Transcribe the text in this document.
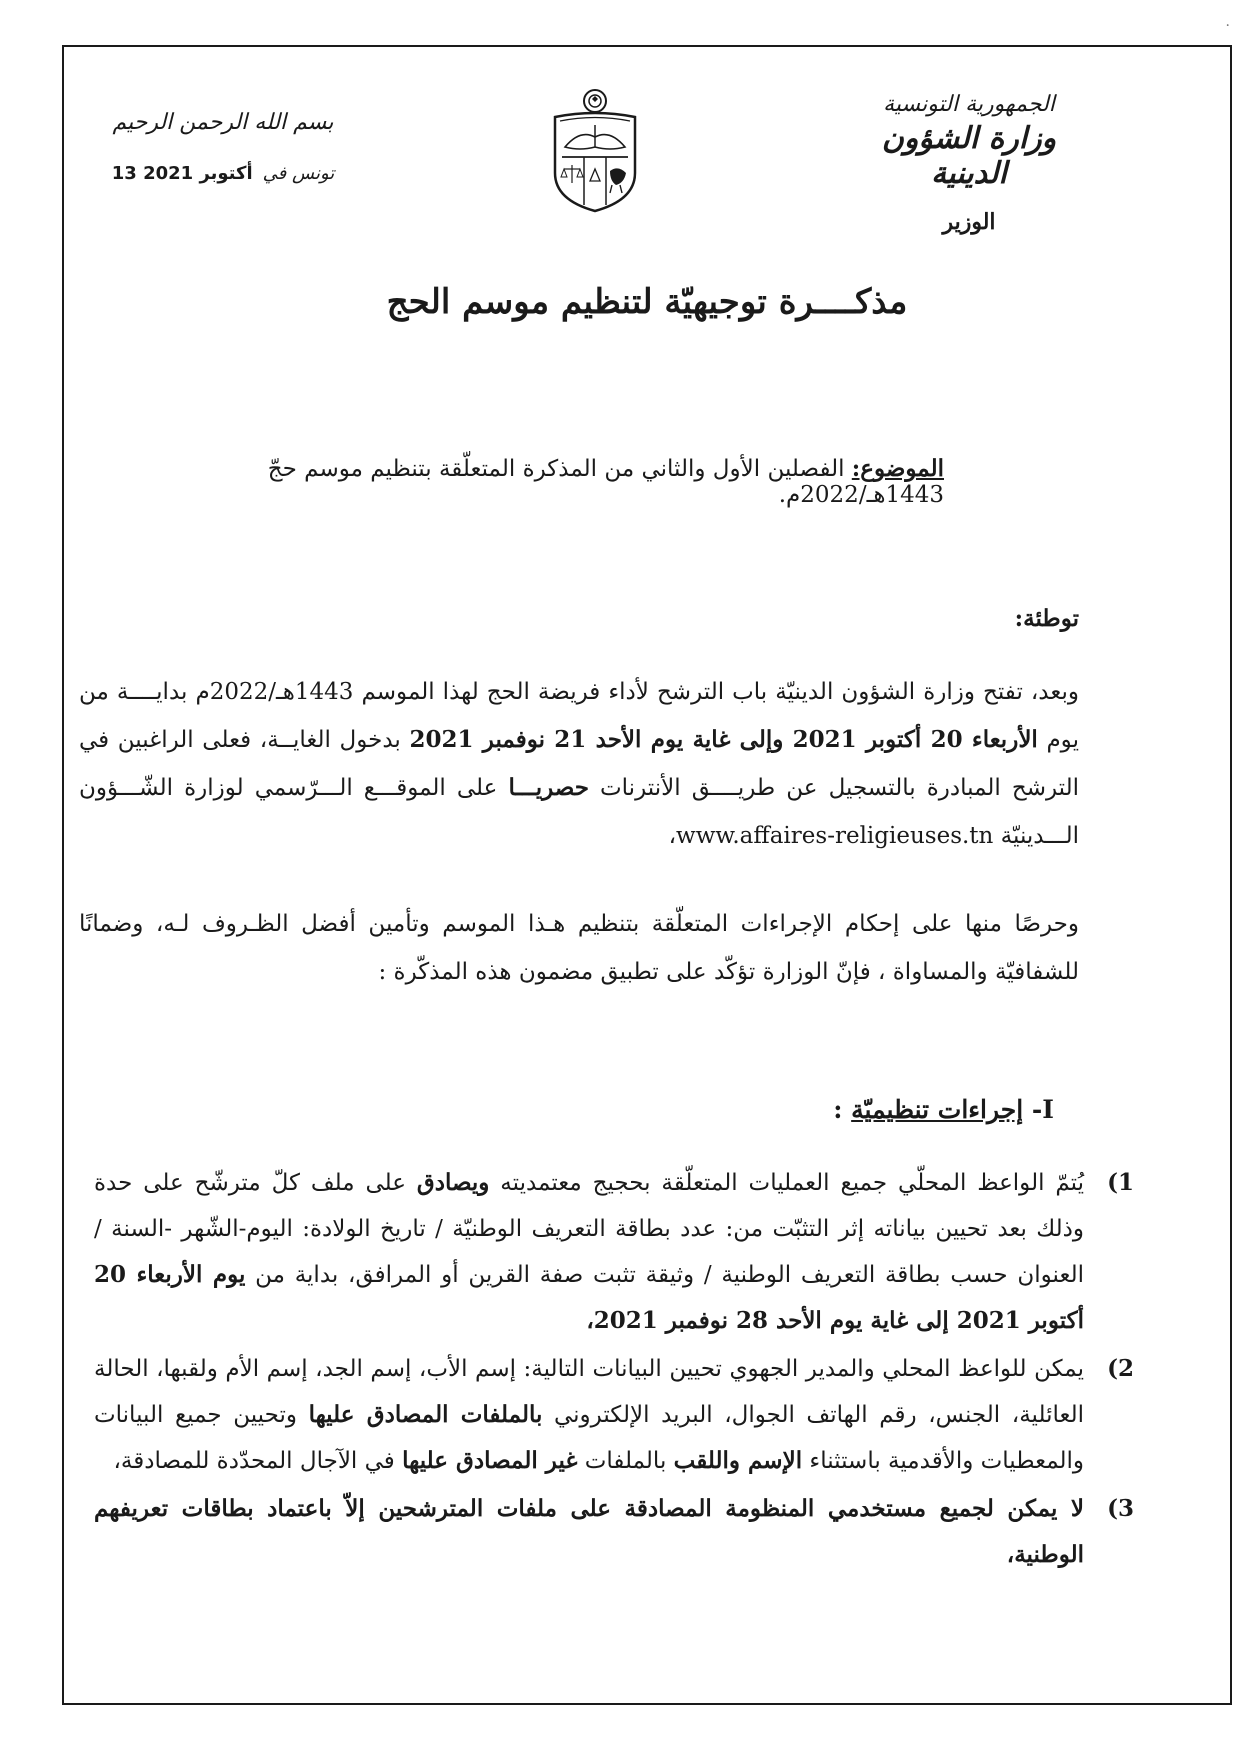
·
الجمهورية التونسية
وزارة الشؤون الدينية
الوزير
بسم الله الرحمن الرحيم
تونس في
13 أكتوبر 2021
مذكــــرة توجيهيّة لتنظيم موسم الحج
الموضوع: الفصلين الأول والثاني من المذكرة المتعلّقة بتنظيم موسم حجّ 1443هـ/2022م.
توطئة:
وبعد، تفتح وزارة الشؤون الدينيّة باب الترشح لأداء فريضة الحج لهذا الموسم 1443هـ/2022م بدايــــة من يوم الأربعاء 20 أكتوبر 2021 وإلى غاية يوم الأحد 21 نوفمبر 2021 بدخول الغايــة، فعلى الراغبين في الترشح المبادرة بالتسجيل عن طريــــق الأنترنات حصريـــا على الموقـــع الـــرّسمي لوزارة الشّـــؤون الـــدينيّة www.affaires-religieuses.tn،
وحرصًا منها على إحكام الإجراءات المتعلّقة بتنظيم هـذا الموسم وتأمين أفضل الظـروف لـه، وضمانًا للشفافيّة والمساواة ، فإنّ الوزارة تؤكّد على تطبيق مضمون هذه المذكّرة :
I- إجراءات تنظيميّة :
1)
يُتمّ الواعظ المحلّي جميع العمليات المتعلّقة بحجيج معتمديته ويصادق على ملف كلّ مترشّح على حدة وذلك بعد تحيين بياناته إثر التثبّت من: عدد بطاقة التعريف الوطنيّة / تاريخ الولادة: اليوم-الشّهر -السنة / العنوان حسب بطاقة التعريف الوطنية / وثيقة تثبت صفة القرين أو المرافق، بداية من يوم الأربعاء 20 أكتوبر 2021 إلى غاية يوم الأحد 28 نوفمبر 2021،
2)
يمكن للواعظ المحلي والمدير الجهوي تحيين البيانات التالية: إسم الأب، إسم الجد، إسم الأم ولقبها، الحالة العائلية، الجنس، رقم الهاتف الجوال، البريد الإلكتروني بالملفات المصادق عليها وتحيين جميع البيانات والمعطيات والأقدمية باستثناء الإسم واللقب بالملفات غير المصادق عليها في الآجال المحدّدة للمصادقة،
3)
لا يمكن لجميع مستخدمي المنظومة المصادقة على ملفات المترشحين إلاّ باعتماد بطاقات تعريفهم الوطنية،
